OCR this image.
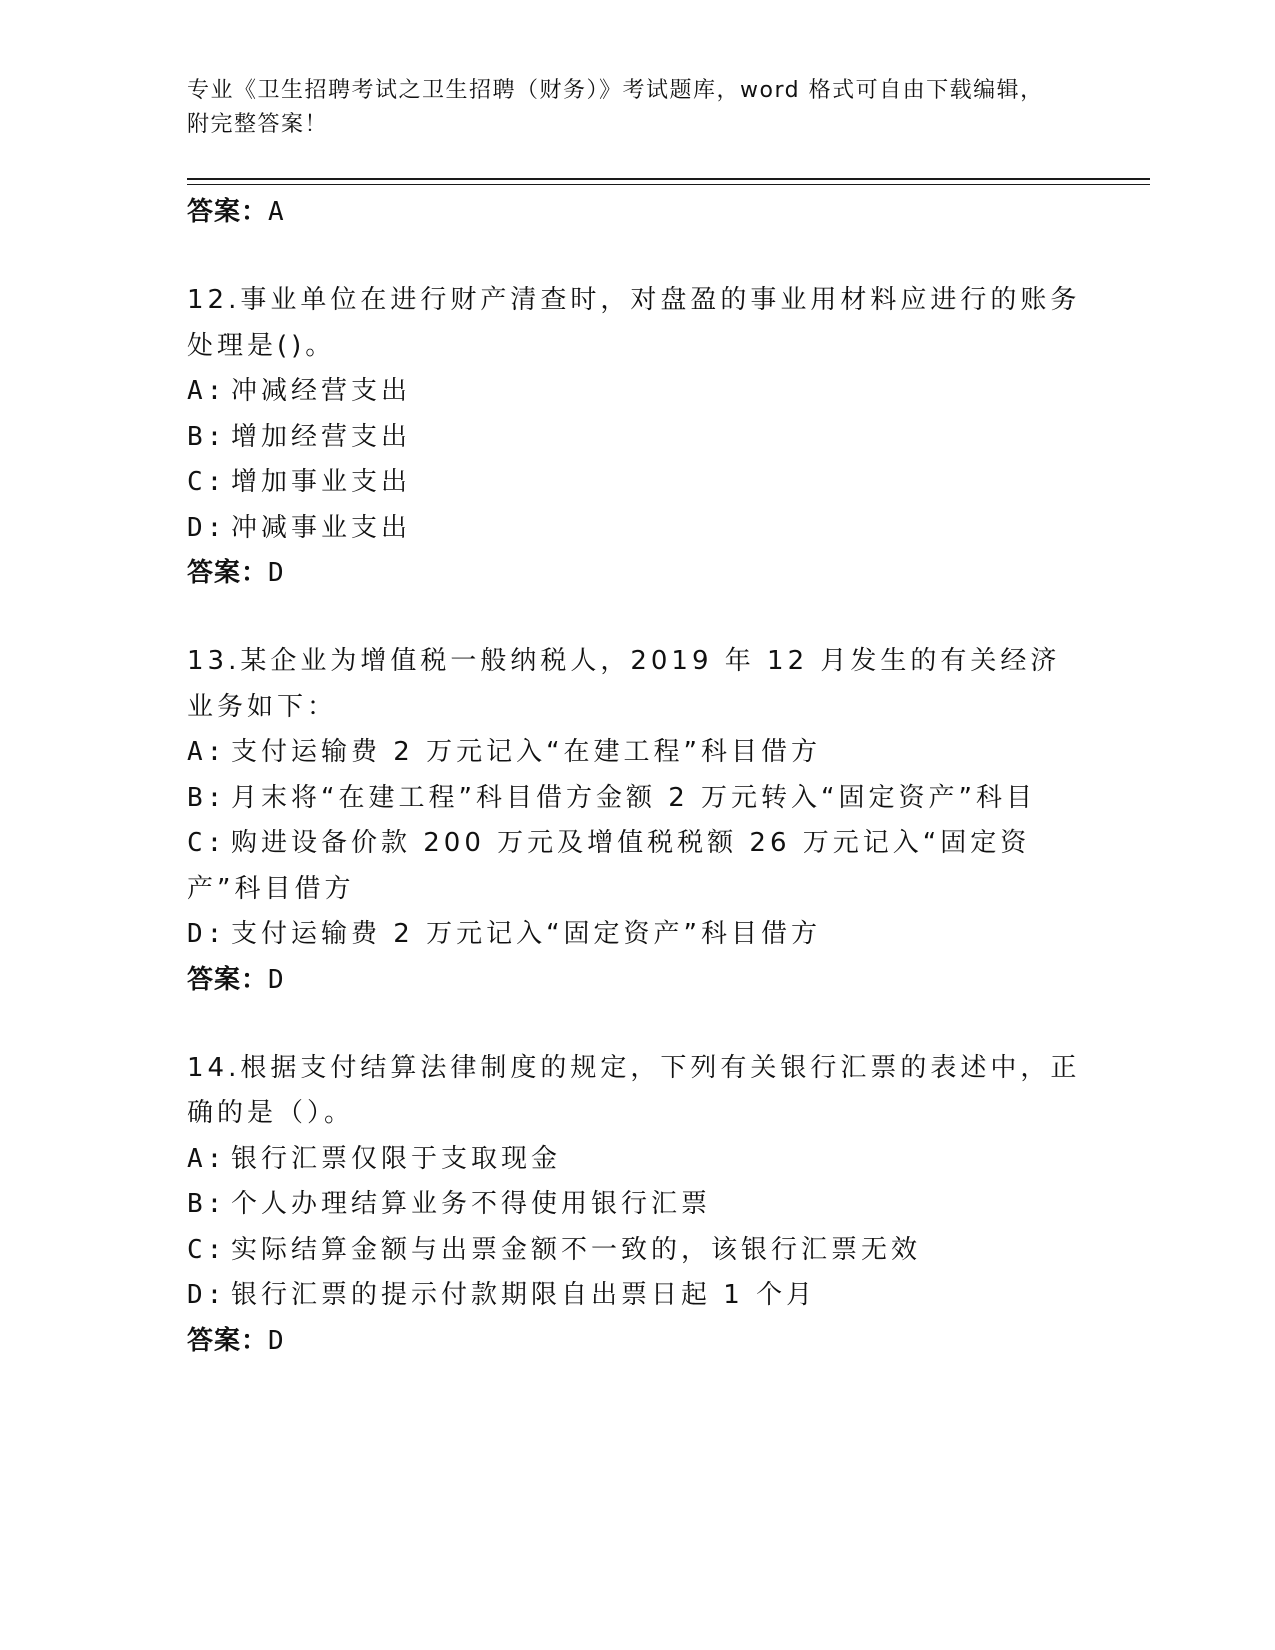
专业《卫生招聘考试之卫生招聘（财务）》考试题库，word 格式可自由下载编辑，附完整答案！

答案：A

12.事业单位在进行财产清查时，对盘盈的事业用材料应进行的账务处理是()。

A: 冲减经营支出

B: 增加经营支出

C: 增加事业支出

D: 冲减事业支出

答案：D

13.某企业为增值税一般纳税人，2019 年 12 月发生的有关经济业务如下：

A: 支付运输费 2 万元记入“在建工程”科目借方

B: 月末将“在建工程”科目借方金额 2 万元转入“固定资产”科目

C: 购进设备价款 200 万元及增值税税额 26 万元记入“固定资产”科目借方

D: 支付运输费 2 万元记入“固定资产”科目借方

答案：D

14.根据支付结算法律制度的规定，下列有关银行汇票的表述中，正确的是（）。

A: 银行汇票仅限于支取现金

B: 个人办理结算业务不得使用银行汇票

C: 实际结算金额与出票金额不一致的，该银行汇票无效

D: 银行汇票的提示付款期限自出票日起 1 个月

答案：D
